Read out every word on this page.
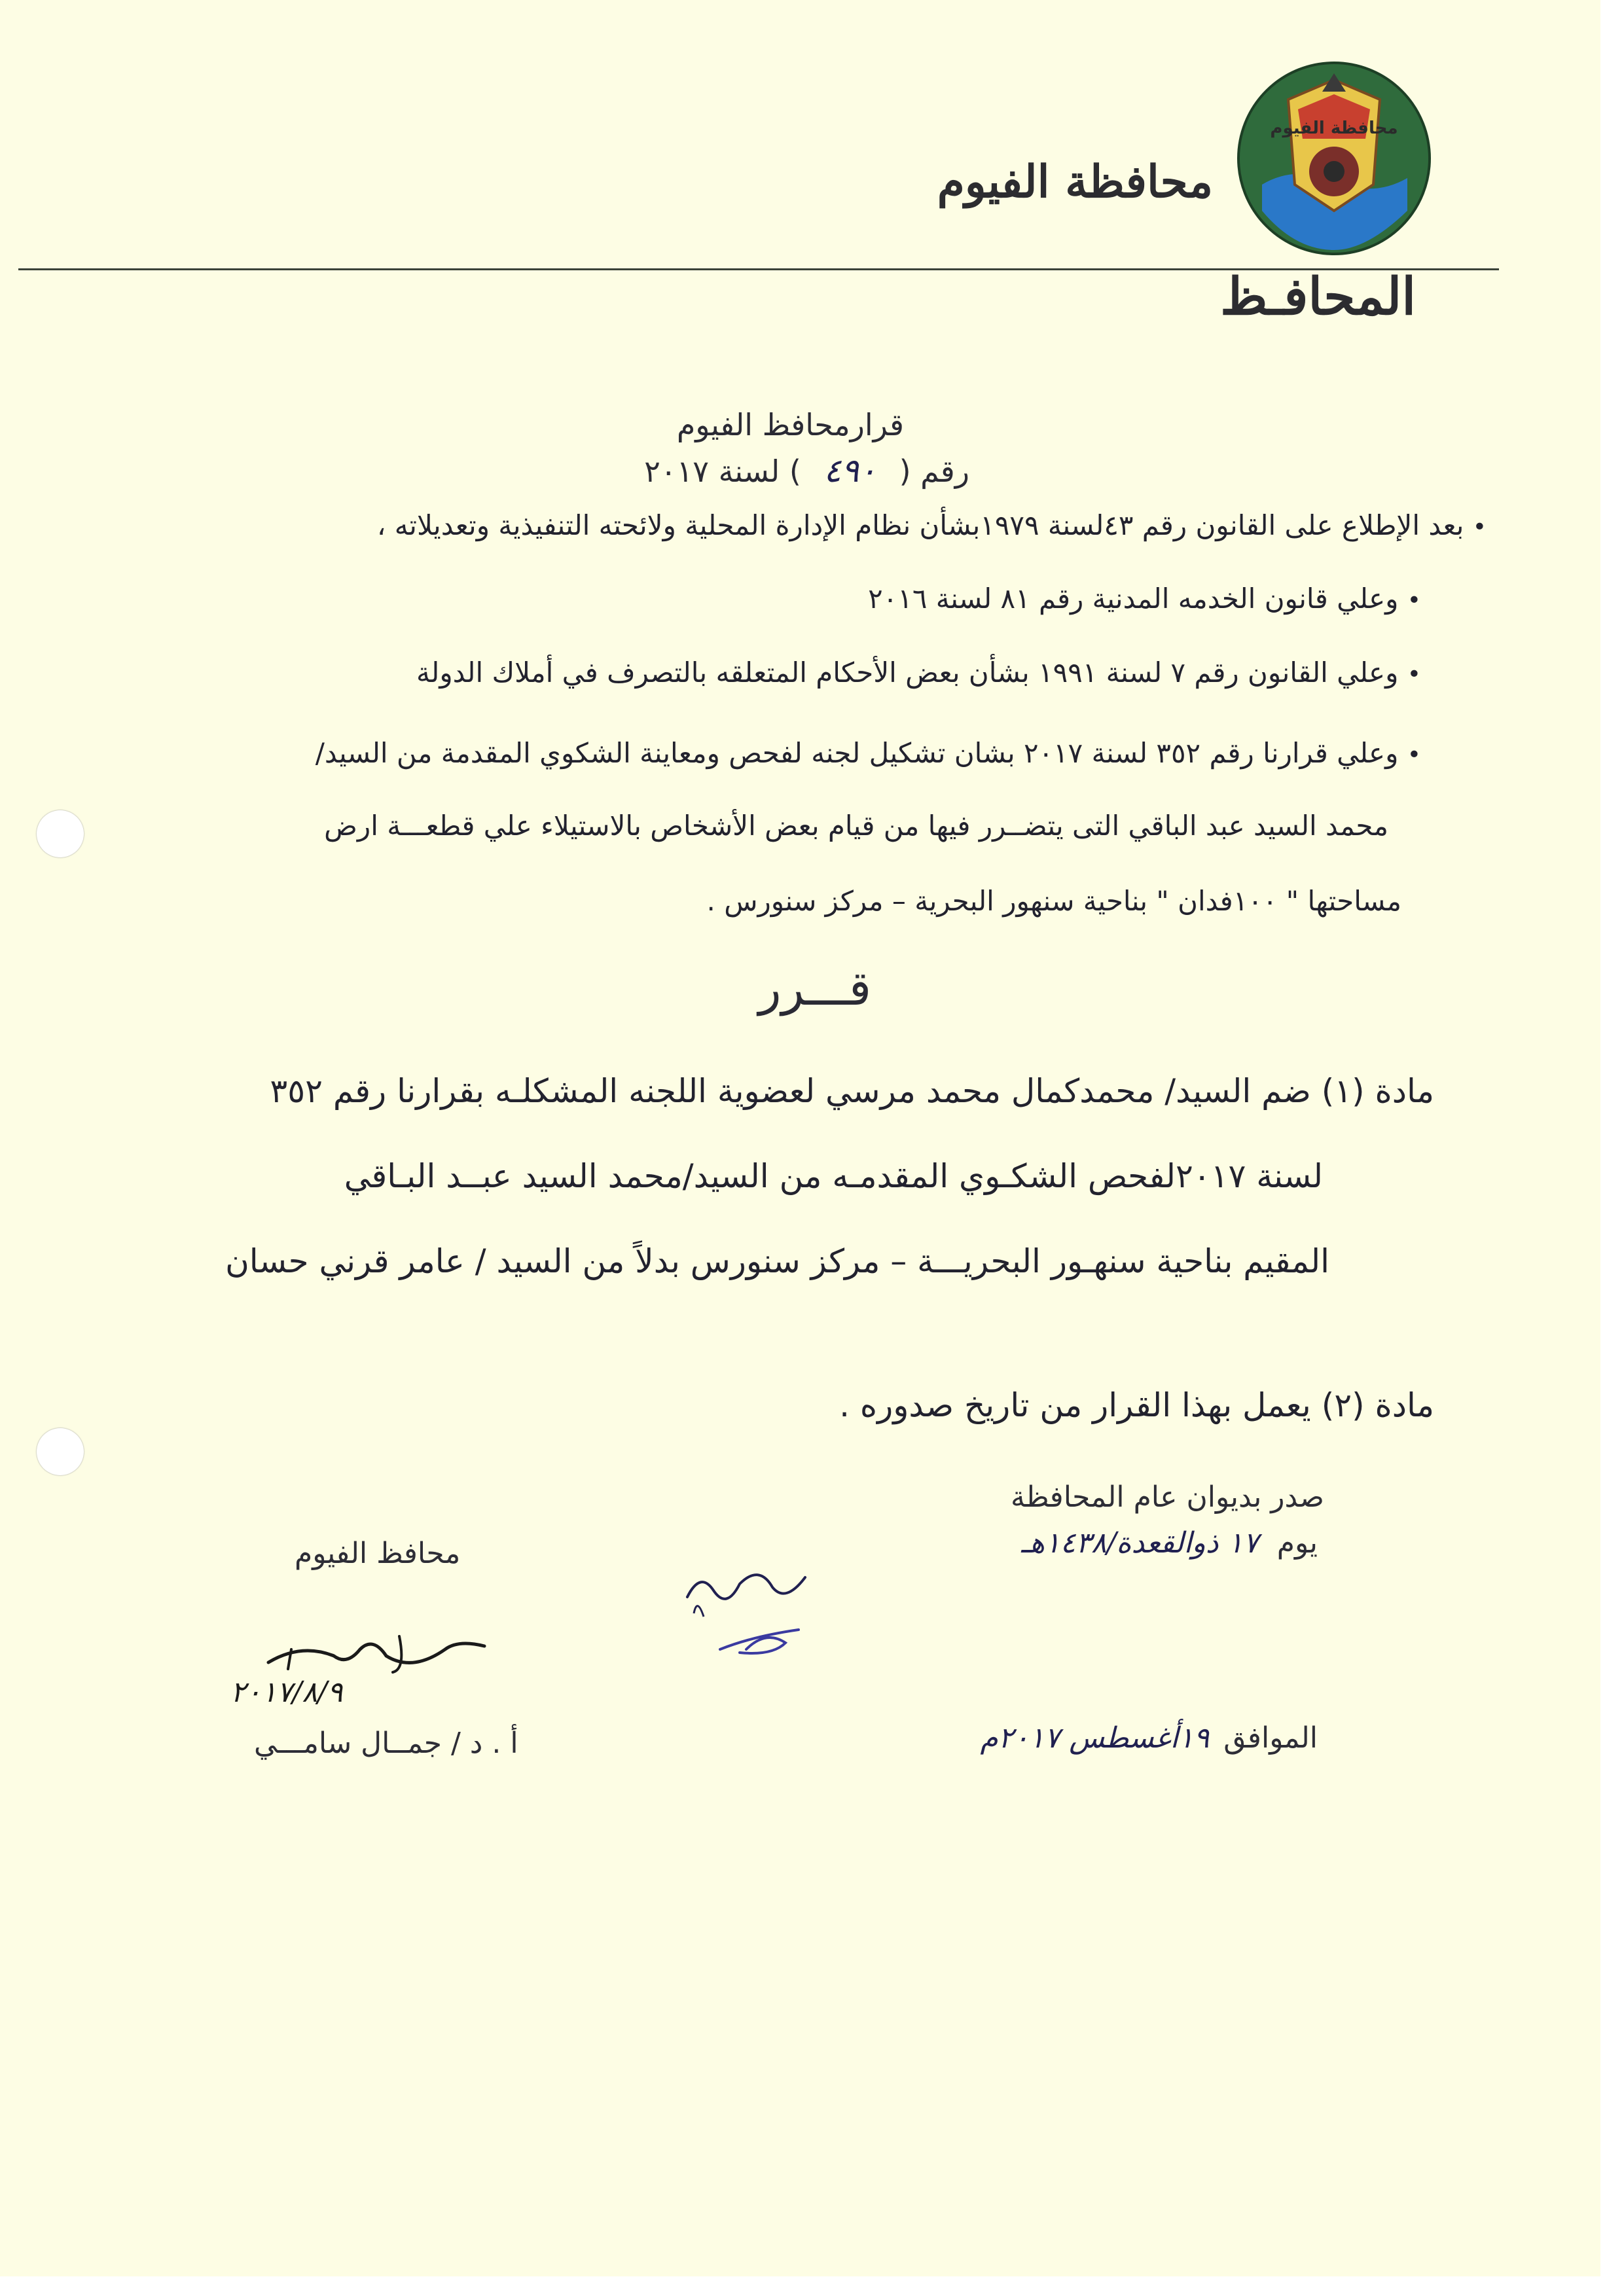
محافظة الفيوم
محافظة الفيوم
المحافـظ
قرارمحافظ الفيوم
رقم ( ٤٩٠ ) لسنة ٢٠١٧
• بعد الإطلاع على القانون رقم ٤٣لسنة ١٩٧٩بشأن نظام الإدارة المحلية ولائحته التنفيذية وتعديلاته ،
• وعلي قانون الخدمه المدنية رقم ٨١ لسنة ٢٠١٦
• وعلي القانون رقم ٧ لسنة ١٩٩١ بشأن بعض الأحكام المتعلقه بالتصرف في أملاك الدولة
• وعلي قرارنا رقم ٣٥٢ لسنة ٢٠١٧ بشان تشكيل لجنه لفحص ومعاينة الشكوي المقدمة من السيد/
محمد السيد عبد الباقي التى يتضــرر فيها من قيام بعض الأشخاص بالاستيلاء علي قطعـــة ارض
مساحتها " ١٠٠فدان " بناحية سنهور البحرية – مركز سنورس .
قـــرر
مادة (١) ضم السيد/ محمدكمال محمد مرسي لعضوية اللجنه المشكلـه بقرارنا رقم ٣٥٢
لسنة ٢٠١٧لفحص الشكـوي المقدمـه من السيد/محمد السيد عبــد البـاقي
المقيم بناحية سنهـور البحريـــة – مركز سنورس بدلاً من السيد / عامر قرني حسان
مادة (٢) يعمل بهذا القرار من تاريخ صدوره .
صدر بديوان عام المحافظة
يوم ١٧ ذوالقعدة/١٤٣٨هـ
الموافق ١٩أغسطس ٢٠١٧م
محافظ الفيوم
٢٠١٧/٨/٩
أ . د / جمــال سامـــي
